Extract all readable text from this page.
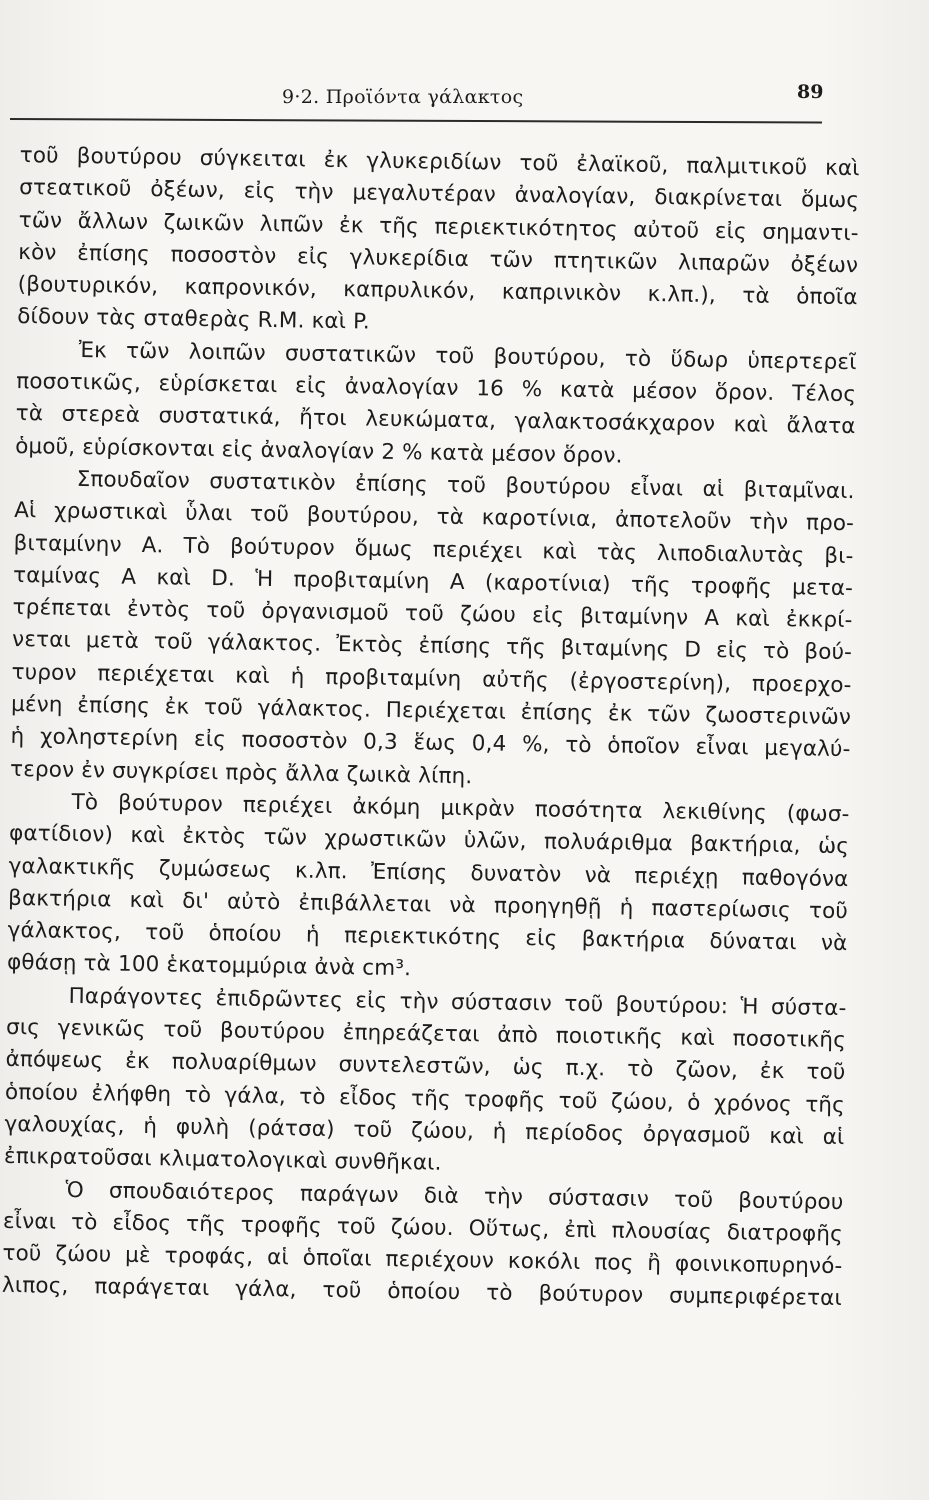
9·2. Προϊόντα γάλακτος	89
τοῦ βουτύρου σύγκειται ἐκ γλυκεριδίων τοῦ ἐλαϊκοῦ, παλμιτικοῦ καὶ
στεατικοῦ ὀξέων, εἰς τὴν μεγαλυτέραν ἀναλογίαν, διακρίνεται ὅμως
τῶν ἄλλων ζωικῶν λιπῶν ἐκ τῆς περιεκτικότητος αὐτοῦ εἰς σημαντι-
κὸν ἐπίσης ποσοστὸν εἰς γλυκερίδια τῶν πτητικῶν λιπαρῶν ὀξέων
(βουτυρικόν, καπρονικόν, καπρυλικόν, καπρινικὸν κ.λπ.), τὰ ὁποῖα
δίδουν τὰς σταθερὰς R.M. καὶ P.
Ἐκ τῶν λοιπῶν συστατικῶν τοῦ βουτύρου, τὸ ὕδωρ ὑπερτερεῖ
ποσοτικῶς, εὑρίσκεται εἰς ἀναλογίαν 16 % κατὰ μέσον ὅρον. Τέλος
τὰ στερεὰ συστατικά, ἤτοι λευκώματα, γαλακτοσάκχαρον καὶ ἄλατα
ὁμοῦ, εὑρίσκονται εἰς ἀναλογίαν 2 % κατὰ μέσον ὅρον.
Σπουδαῖον συστατικὸν ἐπίσης τοῦ βουτύρου εἶναι αἱ βιταμῖναι.
Αἱ χρωστικαὶ ὗλαι τοῦ βουτύρου, τὰ καροτίνια, ἀποτελοῦν τὴν προ-
βιταμίνην Α. Τὸ βούτυρον ὅμως περιέχει καὶ τὰς λιποδιαλυτὰς βι-
ταμίνας Α καὶ D. Ἡ προβιταμίνη Α (καροτίνια) τῆς τροφῆς μετα-
τρέπεται ἐντὸς τοῦ ὀργανισμοῦ τοῦ ζώου εἰς βιταμίνην Α καὶ ἐκκρί-
νεται μετὰ τοῦ γάλακτος. Ἐκτὸς ἐπίσης τῆς βιταμίνης D εἰς τὸ βού-
τυρον περιέχεται καὶ ἡ προβιταμίνη αὐτῆς (ἐργοστερίνη), προερχο-
μένη ἐπίσης ἐκ τοῦ γάλακτος. Περιέχεται ἐπίσης ἐκ τῶν ζωοστερινῶν
ἡ χοληστερίνη εἰς ποσοστὸν 0,3 ἕως 0,4 %, τὸ ὁποῖον εἶναι μεγαλύ-
τερον ἐν συγκρίσει πρὸς ἄλλα ζωικὰ λίπη.
Τὸ βούτυρον περιέχει ἀκόμη μικρὰν ποσότητα λεκιθίνης (φωσ-
φατίδιον) καὶ ἐκτὸς τῶν χρωστικῶν ὑλῶν, πολυάριθμα βακτήρια, ὡς
γαλακτικῆς ζυμώσεως κ.λπ. Ἐπίσης δυνατὸν νὰ περιέχῃ παθογόνα
βακτήρια καὶ δι' αὐτὸ ἐπιβάλλεται νὰ προηγηθῇ ἡ παστερίωσις τοῦ
γάλακτος, τοῦ ὁποίου ἡ περιεκτικότης εἰς βακτήρια δύναται νὰ
φθάσῃ τὰ 100 ἑκατομμύρια ἀνὰ cm³.
Παράγοντες ἐπιδρῶντες εἰς τὴν σύστασιν τοῦ βουτύρου: Ἡ σύστα-
σις γενικῶς τοῦ βουτύρου ἐπηρεάζεται ἀπὸ ποιοτικῆς καὶ ποσοτικῆς
ἀπόψεως ἐκ πολυαρίθμων συντελεστῶν, ὡς π.χ. τὸ ζῶον, ἐκ τοῦ
ὁποίου ἐλήφθη τὸ γάλα, τὸ εἶδος τῆς τροφῆς τοῦ ζώου, ὁ χρόνος τῆς
γαλουχίας, ἡ φυλὴ (ράτσα) τοῦ ζώου, ἡ περίοδος ὀργασμοῦ καὶ αἱ
ἐπικρατοῦσαι κλιματολογικαὶ συνθῆκαι.
Ὁ σπουδαιότερος παράγων διὰ τὴν σύστασιν τοῦ βουτύρου
εἶναι τὸ εἶδος τῆς τροφῆς τοῦ ζώου. Οὕτως, ἐπὶ πλουσίας διατροφῆς
τοῦ ζώου μὲ τροφάς, αἱ ὁποῖαι περιέχουν κοκόλι πος ἢ φοινικοπυρηνό-
λιπος, παράγεται γάλα, τοῦ ὁποίου τὸ βούτυρον συμπεριφέρεται
